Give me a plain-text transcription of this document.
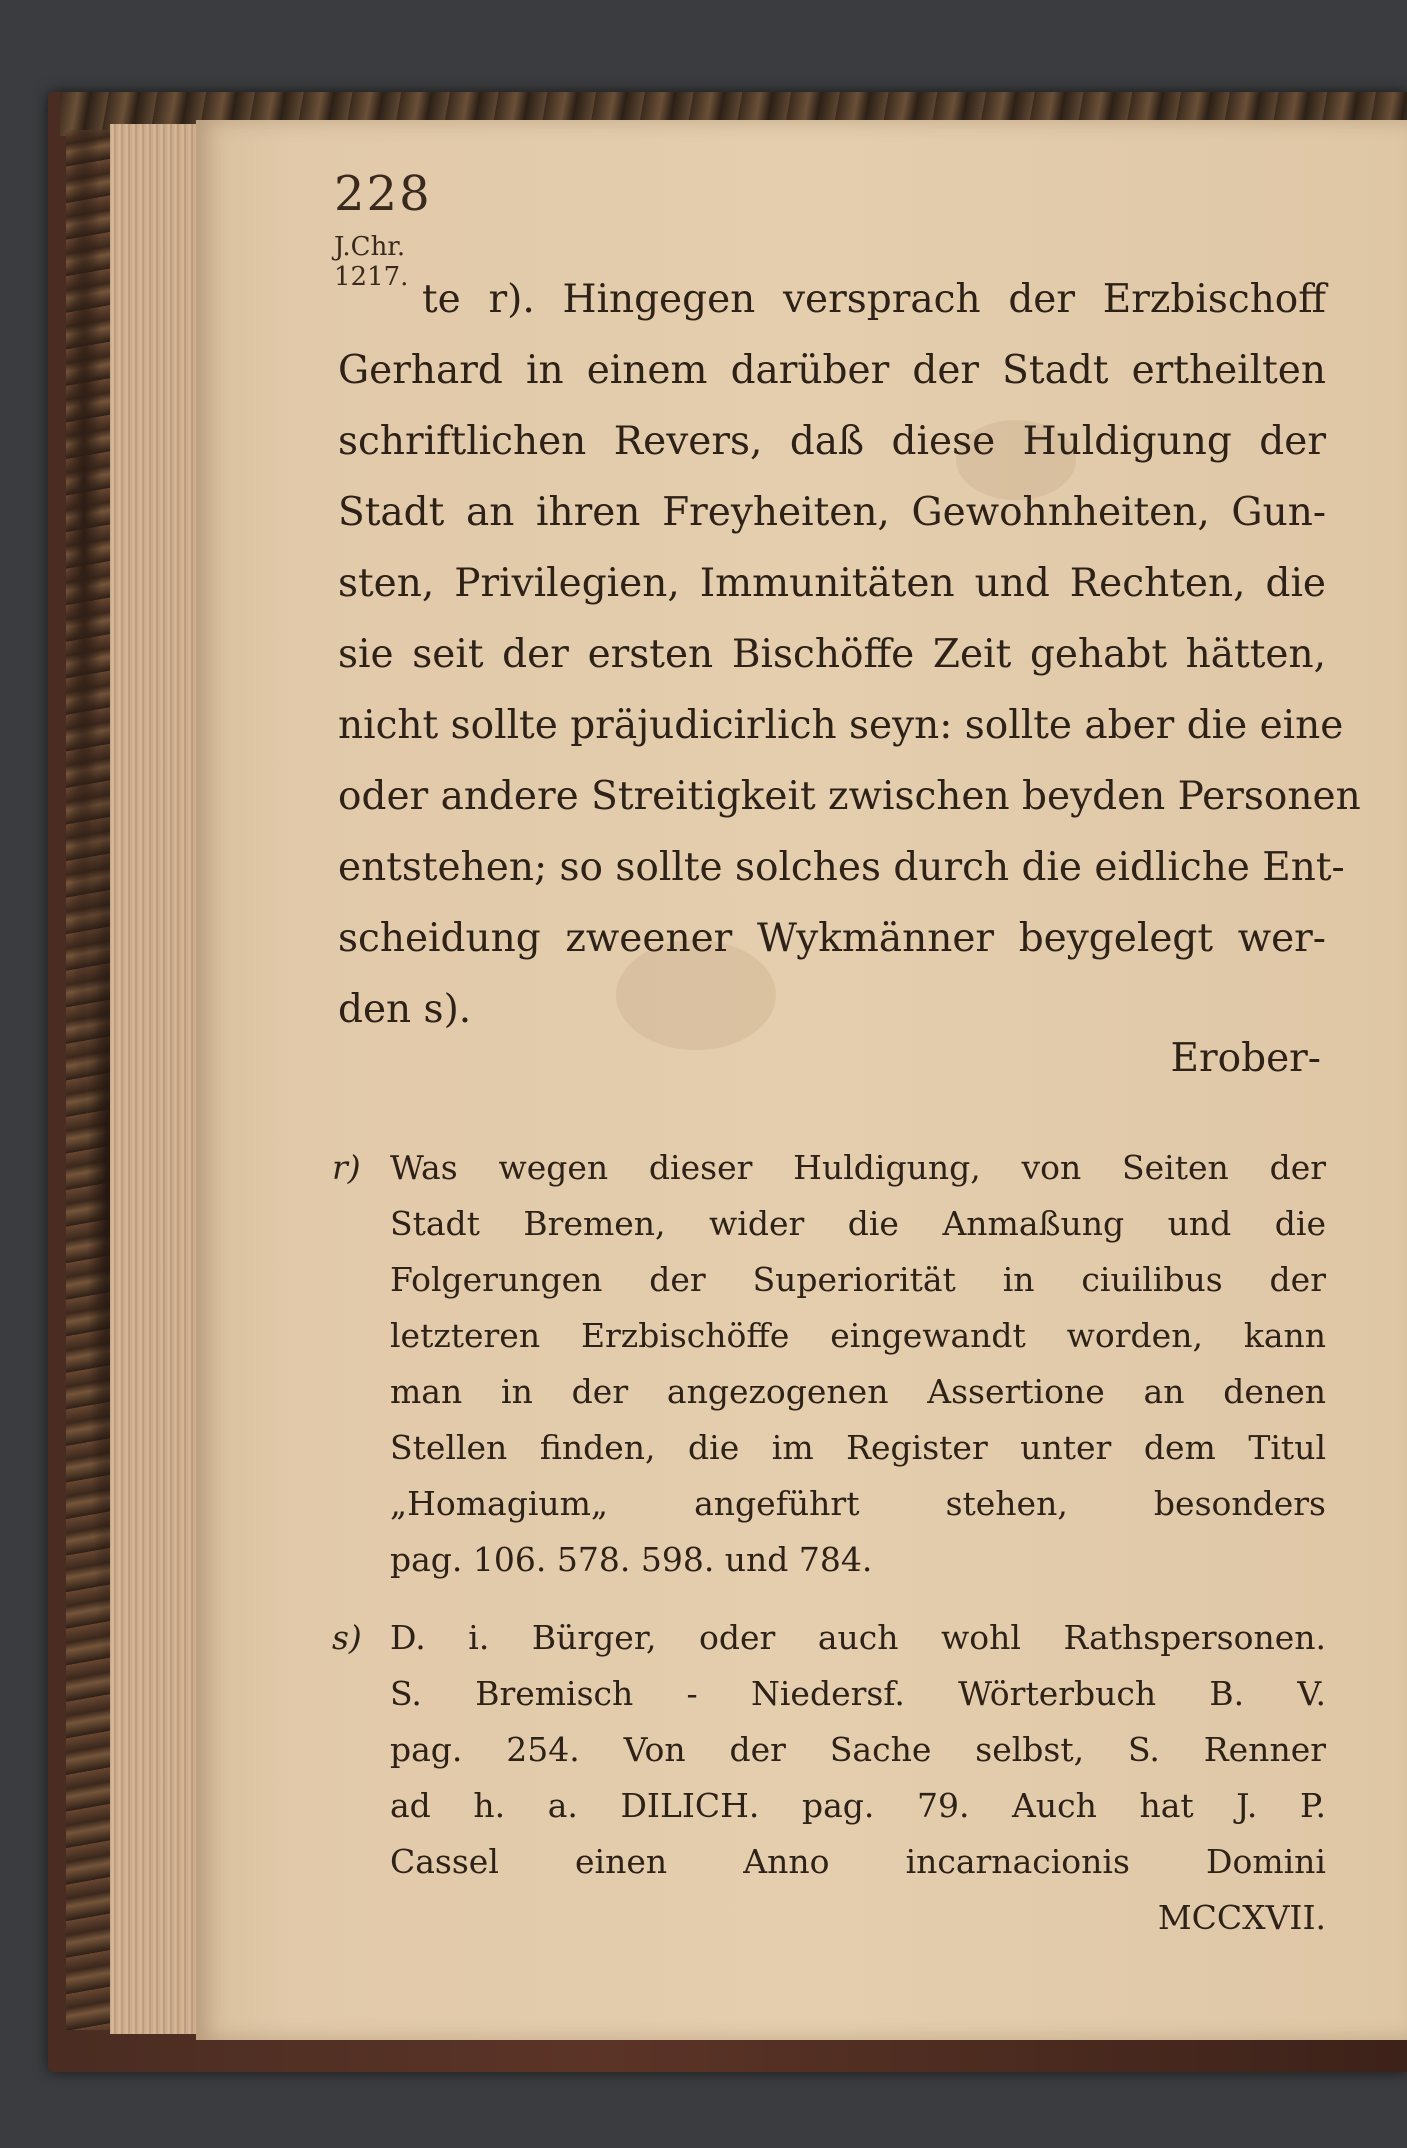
228
J.Chr.
1217. te r). Hingegen versprach der Erzbischoff
Gerhard in einem darüber der Stadt ertheilten
schriftlichen Revers, daß diese Huldigung der
Stadt an ihren Freyheiten, Gewohnheiten, Gun-
sten, Privilegien, Immunitäten und Rechten, die
sie seit der ersten Bischöffe Zeit gehabt hätten,
nicht sollte präjudicirlich seyn: sollte aber die eine
oder andere Streitigkeit zwischen beyden Personen
entstehen; so sollte solches durch die eidliche Ent-
scheidung zweener Wykmänner beygelegt wer-
den s).
Erober-
r) Was wegen dieser Huldigung, von Seiten der
Stadt Bremen, wider die Anmaßung und die
Folgerungen der Superiorität in ciuilibus der
letzteren Erzbischöffe eingewandt worden, kann
man in der angezogenen Assertione an denen
Stellen finden, die im Register unter dem Titul
„Homagium„ angeführt stehen, besonders
pag. 106. 578. 598. und 784.
s) D. i. Bürger, oder auch wohl Rathspersonen.
S. Bremisch - Niedersf. Wörterbuch B. V.
pag. 254. Von der Sache selbst, S. Renner
ad h. a. DILICH. pag. 79. Auch hat J. P.
Cassel einen Anno incarnacionis Domini
MCCXVII.
